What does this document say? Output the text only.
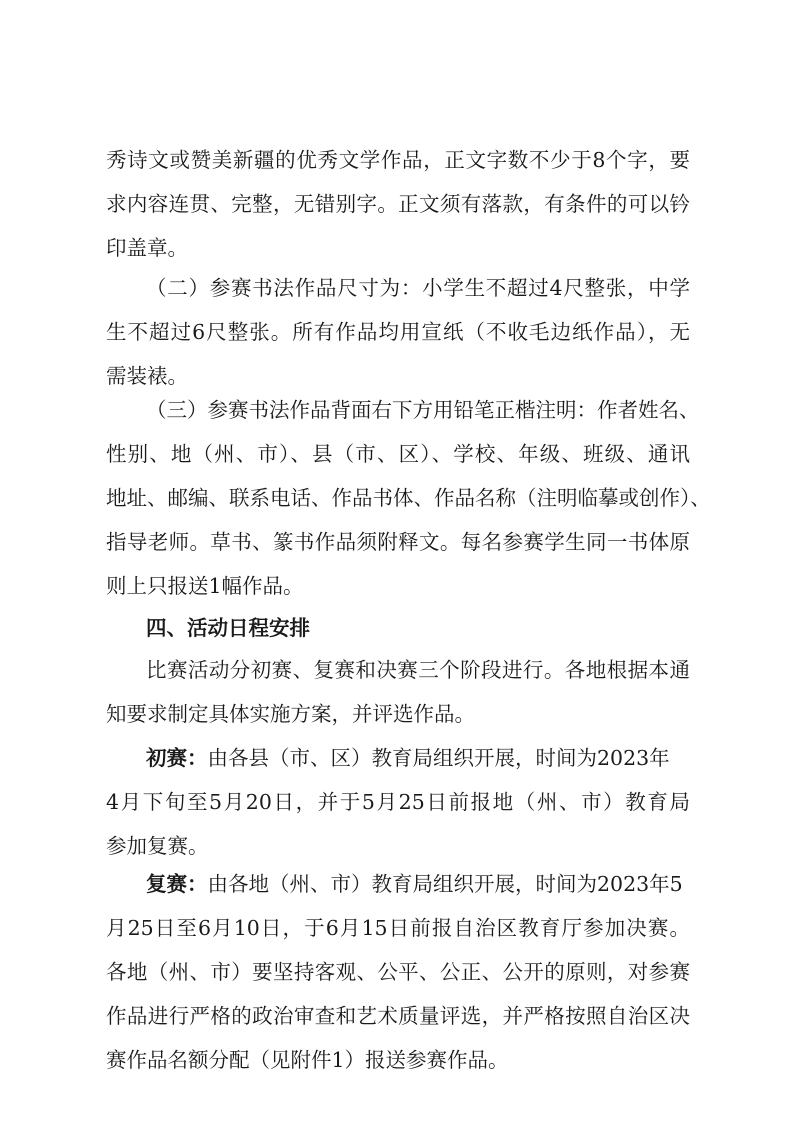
秀诗文或赞美新疆的优秀文学作品，正文字数不少于8个字，要
求内容连贯、完整，无错别字。正文须有落款，有条件的可以钤
印盖章。
（二）参赛书法作品尺寸为：小学生不超过4尺整张，中学
生不超过6尺整张。所有作品均用宣纸（不收毛边纸作品），无
需装裱。
（三）参赛书法作品背面右下方用铅笔正楷注明：作者姓名、
性别、地（州、市）、县（市、区）、学校、年级、班级、通讯
地址、邮编、联系电话、作品书体、作品名称（注明临摹或创作）、
指导老师。草书、篆书作品须附释文。每名参赛学生同一书体原
则上只报送1幅作品。
四、活动日程安排
比赛活动分初赛、复赛和决赛三个阶段进行。各地根据本通
知要求制定具体实施方案，并评选作品。
初赛：由各县（市、区）教育局组织开展，时间为2023年
4月下旬至5月20日，并于5月25日前报地（州、市）教育局
参加复赛。
复赛：由各地（州、市）教育局组织开展，时间为2023年5
月25日至6月10日，于6月15日前报自治区教育厅参加决赛。
各地（州、市）要坚持客观、公平、公正、公开的原则，对参赛
作品进行严格的政治审查和艺术质量评选，并严格按照自治区决
赛作品名额分配（见附件1）报送参赛作品。
